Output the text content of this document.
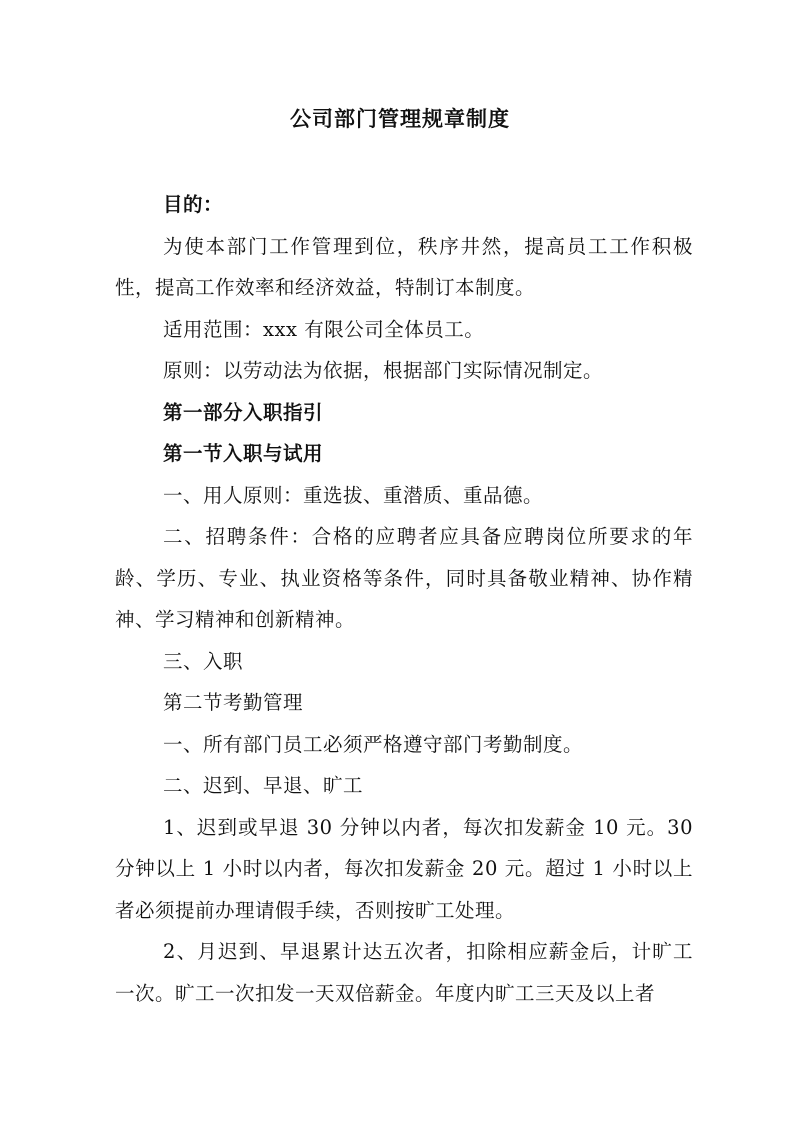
公司部门管理规章制度

目的：

为使本部门工作管理到位，秩序井然，提高员工工作积极性，提高工作效率和经济效益，特制订本制度。

适用范围：xxx 有限公司全体员工。

原则：以劳动法为依据，根据部门实际情况制定。

第一部分入职指引

第一节入职与试用

一、用人原则：重选拔、重潜质、重品德。

二、招聘条件：合格的应聘者应具备应聘岗位所要求的年龄、学历、专业、执业资格等条件，同时具备敬业精神、协作精神、学习精神和创新精神。

三、入职

第二节考勤管理

一、所有部门员工必须严格遵守部门考勤制度。

二、迟到、早退、旷工

1、迟到或早退 30 分钟以内者，每次扣发薪金 10 元。30 分钟以上 1 小时以内者，每次扣发薪金 20 元。超过 1 小时以上者必须提前办理请假手续，否则按旷工处理。

2、月迟到、早退累计达五次者，扣除相应薪金后，计旷工一次。旷工一次扣发一天双倍薪金。年度内旷工三天及以上者
